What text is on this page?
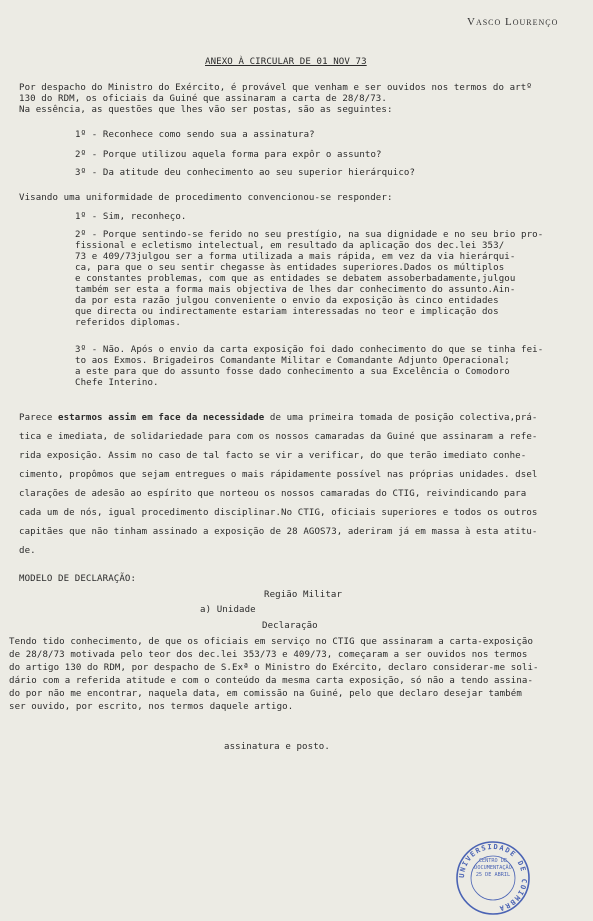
Vasco Lourenço
ANEXO À CIRCULAR DE 01 NOV 73
Por despacho do Ministro do Exército, é provável que venham e ser ouvidos nos termos do artº
130 do RDM, os oficiais da Guiné que assinaram a carta de 28/8/73.
Na essência, as questões que lhes vão ser postas, são as seguintes:
1º - Reconhece como sendo sua a assinatura?
2º - Porque utilizou aquela forma para expôr o assunto?
3º - Da atitude deu conhecimento ao seu superior hierárquico?
Visando uma uniformidade de procedimento convencionou-se responder:
1º - Sim, reconheço.
2º - Porque sentindo-se ferido no seu prestígio, na sua dignidade e no seu brio pro-
fissional e ecletismo intelectual, em resultado da aplicação dos dec.lei 353/
73 e 409/73julgou ser a forma utilizada a mais rápida, em vez da via hierárqui-
ca, para que o seu sentir chegasse às entidades superiores.Dados os múltiplos
e constantes problemas, com que as entidades se debatem assoberbadamente,julgou
também ser esta a forma mais objectiva de lhes dar conhecimento do assunto.Ain-
da por esta razão julgou conveniente o envio da exposição às cinco entidades
que directa ou indirectamente estariam interessadas no teor e implicação dos
referidos diplomas.
3º - Não. Após o envio da carta exposição foi dado conhecimento do que se tinha fei-
to aos Exmos. Brigadeiros Comandante Militar e Comandante Adjunto Operacional;
a este para que do assunto fosse dado conhecimento a sua Excelência o Comodoro
Chefe Interino.
Parece estarmos assim em face da necessidade de uma primeira tomada de posição colectiva,prá-
tica e imediata, de solidariedade para com os nossos camaradas da Guiné que assinaram a refe-
rida exposição. Assim no caso de tal facto se vir a verificar, do que terão imediato conhe-
cimento, propômos que sejam entregues o mais rápidamente possível nas próprias unidades. dsel
clarações de adesão ao espírito que norteou os nossos camaradas do CTIG, reivindicando para
cada um de nós, igual procedimento disciplinar.No CTIG, oficiais superiores e todos os outros
capitães que não tinham assinado a exposição de 28 AGOS73, aderiram já em massa à esta atitu-
de.
MODELO DE DECLARAÇÃO:
Região Militar
a) Unidade
Declaração
Tendo tido conhecimento, de que os oficiais em serviço no CTIG que assinaram a carta-exposição
de 28/8/73 motivada pelo teor dos dec.lei 353/73 e 409/73, começaram a ser ouvidos nos termos
do artigo 130 do RDM, por despacho de S.Exª o Ministro do Exército, declaro considerar-me soli-
dário com a referida atitude e com o conteúdo da mesma carta exposição, só não a tendo assina-
do por não me encontrar, naquela data, em comissão na Guiné, pelo que declaro desejar também
ser ouvido, por escrito, nos termos daquele artigo.
assinatura e posto.
UNIVERSIDADE DE COIMBRA
CENTRO DE
DOCUMENTAÇÃO
25 DE ABRIL
